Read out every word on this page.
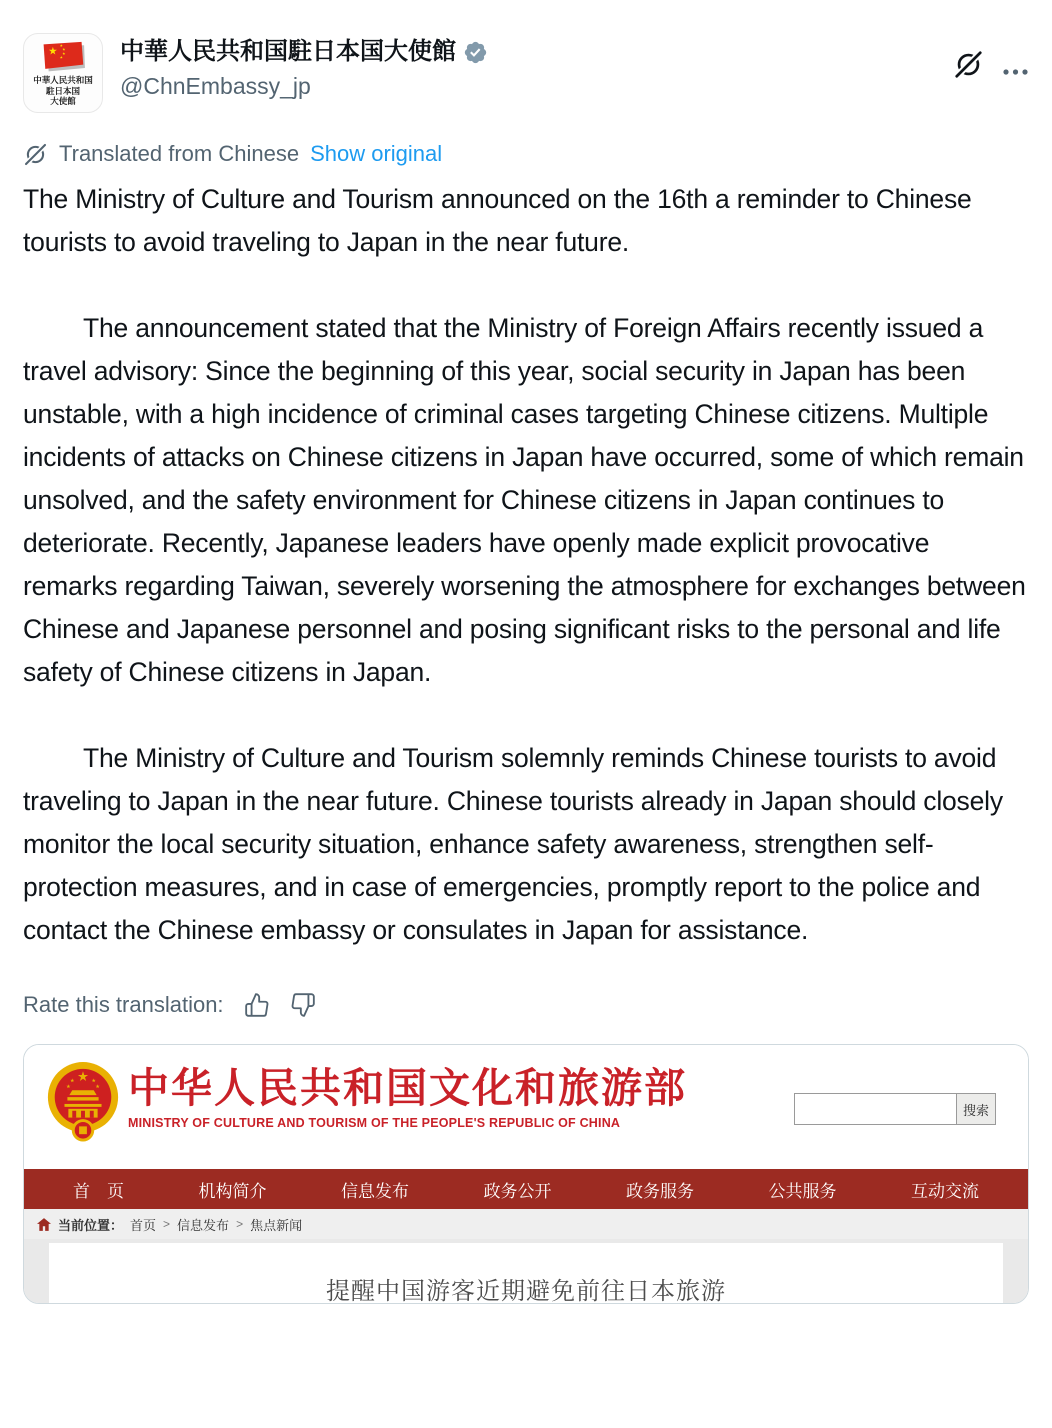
中華人民共和国
駐日本国
大使館
中華人民共和国駐日本国大使館
@ChnEmbassy_jp
Translated from Chinese Show original

The Ministry of Culture and Tourism announced on the 16th a reminder to Chinese tourists to avoid traveling to Japan in the near future.

The announcement stated that the Ministry of Foreign Affairs recently issued a travel advisory: Since the beginning of this year, social security in Japan has been unstable, with a high incidence of criminal cases targeting Chinese citizens. Multiple incidents of attacks on Chinese citizens in Japan have occurred, some of which remain unsolved, and the safety environment for Chinese citizens in Japan continues to deteriorate. Recently, Japanese leaders have openly made explicit provocative remarks regarding Taiwan, severely worsening the atmosphere for exchanges between Chinese and Japanese personnel and posing significant risks to the personal and life safety of Chinese citizens in Japan.

The Ministry of Culture and Tourism solemnly reminds Chinese tourists to avoid traveling to Japan in the near future. Chinese tourists already in Japan should closely monitor the local security situation, enhance safety awareness, strengthen self-protection measures, and in case of emergencies, promptly report to the police and contact the Chinese embassy or consulates in Japan for assistance.

Rate this translation:
中华人民共和国文化和旅游部
MINISTRY OF CULTURE AND TOURISM OF THE PEOPLE'S REPUBLIC OF CHINA
搜索
首　页	机构简介	信息发布	政务公开	政务服务	公共服务	互动交流
当前位置： 首页 > 信息发布 > 焦点新闻
提醒中国游客近期避免前往日本旅游
